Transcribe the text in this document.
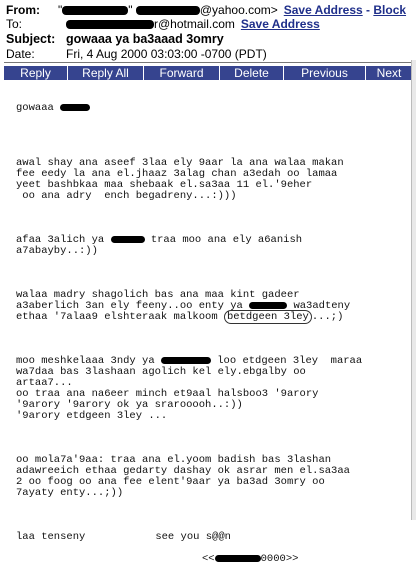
From: "	"	@yahoo.com> Save Address - Block
To:	r@hotmail.com Save Address
Subject: gowaaa ya ba3aaad 3omry
Date:	Fri, 4 Aug 2000 03:03:00 -0700 (PDT)
Reply	Reply All	Forward	Delete	Previous	Next

gowaaa

awal shay ana aseef 3laa ely 9aar la ana walaa makan
fee eedy la ana el.jhaaz 3alag chan a3edah oo lamaa
yeet bashbkaa maa shebaak el.sa3aa 11 el.'9eher
oo ana adry  ench begadreny...:)))

afaa 3alich ya	traa moo ana ely a6anish
a7abayby..:))

walaa madry shagolich bas ana maa kint gadeer
a3aberlich 3an ely feeny..oo enty ya	wa3adteny
ethaa '7alaa9 elshteraak malkoom betdgeen 3ley ...;)

moo meshkelaaa 3ndy ya	loo etdgeen 3ley  maraa
wa7daa bas 3lashaan agolich kel ely.ebgalby oo
artaa7...
oo traa ana na6eer minch et9aal halsboo3 '9arory
'9arory '9arory ok ya srarooooh..:))
'9arory etdgeen 3ley ...

oo mola7a'9aa: traa ana el.yoom badish bas 3lashan
adawreeich ethaa gedarty dashay ok asrar men el.sa3aa
2 oo foog oo ana fee elent'9aar ya ba3ad 3omry oo
7ayaty enty...;))

laa tenseny	see you s@@n

<<	0000>>
